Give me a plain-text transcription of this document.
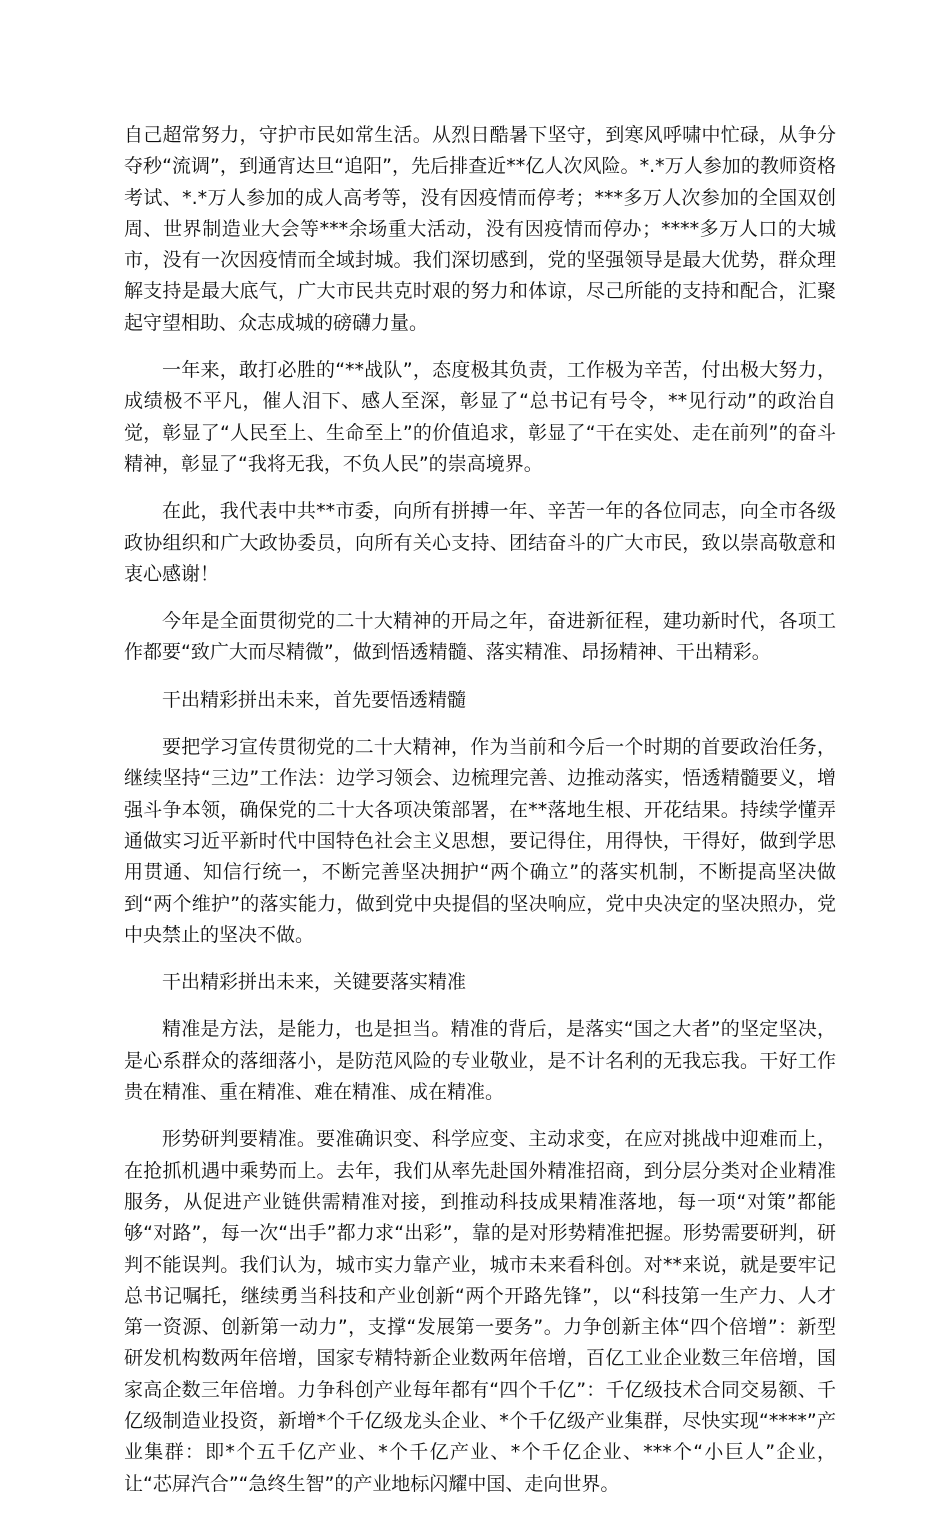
自己超常努力，守护市民如常生活。从烈日酷暑下坚守，到寒风呼啸中忙碌，从争分夺秒“流调”，到通宵达旦“追阳”，先后排查近**亿人次风险。*.*万人参加的教师资格考试、*.*万人参加的成人高考等，没有因疫情而停考；***多万人次参加的全国双创周、世界制造业大会等***余场重大活动，没有因疫情而停办；****多万人口的大城市，没有一次因疫情而全域封城。我们深切感到，党的坚强领导是最大优势，群众理解支持是最大底气，广大市民共克时艰的努力和体谅，尽己所能的支持和配合，汇聚起守望相助、众志成城的磅礴力量。

一年来，敢打必胜的“**战队”，态度极其负责，工作极为辛苦，付出极大努力，成绩极不平凡，催人泪下、感人至深，彰显了“总书记有号令，**见行动”的政治自觉，彰显了“人民至上、生命至上”的价值追求，彰显了“干在实处、走在前列”的奋斗精神，彰显了“我将无我，不负人民”的崇高境界。

在此，我代表中共**市委，向所有拼搏一年、辛苦一年的各位同志，向全市各级政协组织和广大政协委员，向所有关心支持、团结奋斗的广大市民，致以崇高敬意和衷心感谢！

今年是全面贯彻党的二十大精神的开局之年，奋进新征程，建功新时代，各项工作都要“致广大而尽精微”，做到悟透精髓、落实精准、昂扬精神、干出精彩。

干出精彩拼出未来，首先要悟透精髓

要把学习宣传贯彻党的二十大精神，作为当前和今后一个时期的首要政治任务，继续坚持“三边”工作法：边学习领会、边梳理完善、边推动落实，悟透精髓要义，增强斗争本领，确保党的二十大各项决策部署，在**落地生根、开花结果。持续学懂弄通做实习近平新时代中国特色社会主义思想，要记得住，用得快，干得好，做到学思用贯通、知信行统一，不断完善坚决拥护“两个确立”的落实机制，不断提高坚决做到“两个维护”的落实能力，做到党中央提倡的坚决响应，党中央决定的坚决照办，党中央禁止的坚决不做。

干出精彩拼出未来，关键要落实精准

精准是方法，是能力，也是担当。精准的背后，是落实“国之大者”的坚定坚决，是心系群众的落细落小，是防范风险的专业敬业，是不计名利的无我忘我。干好工作贵在精准、重在精准、难在精准、成在精准。

形势研判要精准。要准确识变、科学应变、主动求变，在应对挑战中迎难而上，在抢抓机遇中乘势而上。去年，我们从率先赴国外精准招商，到分层分类对企业精准服务，从促进产业链供需精准对接，到推动科技成果精准落地，每一项“对策”都能够“对路”，每一次“出手”都力求“出彩”，靠的是对形势精准把握。形势需要研判，研判不能误判。我们认为，城市实力靠产业，城市未来看科创。对**来说，就是要牢记总书记嘱托，继续勇当科技和产业创新“两个开路先锋”，以“科技第一生产力、人才第一资源、创新第一动力”，支撑“发展第一要务”。力争创新主体“四个倍增”：新型研发机构数两年倍增，国家专精特新企业数两年倍增，百亿工业企业数三年倍增，国家高企数三年倍增。力争科创产业每年都有“四个千亿”：千亿级技术合同交易额、千亿级制造业投资，新增*个千亿级龙头企业、*个千亿级产业集群，尽快实现“****”产业集群：即*个五千亿产业、*个千亿产业、*个千亿企业、***个“小巨人”企业，让“芯屏汽合”“急终生智”的产业地标闪耀中国、走向世界。
